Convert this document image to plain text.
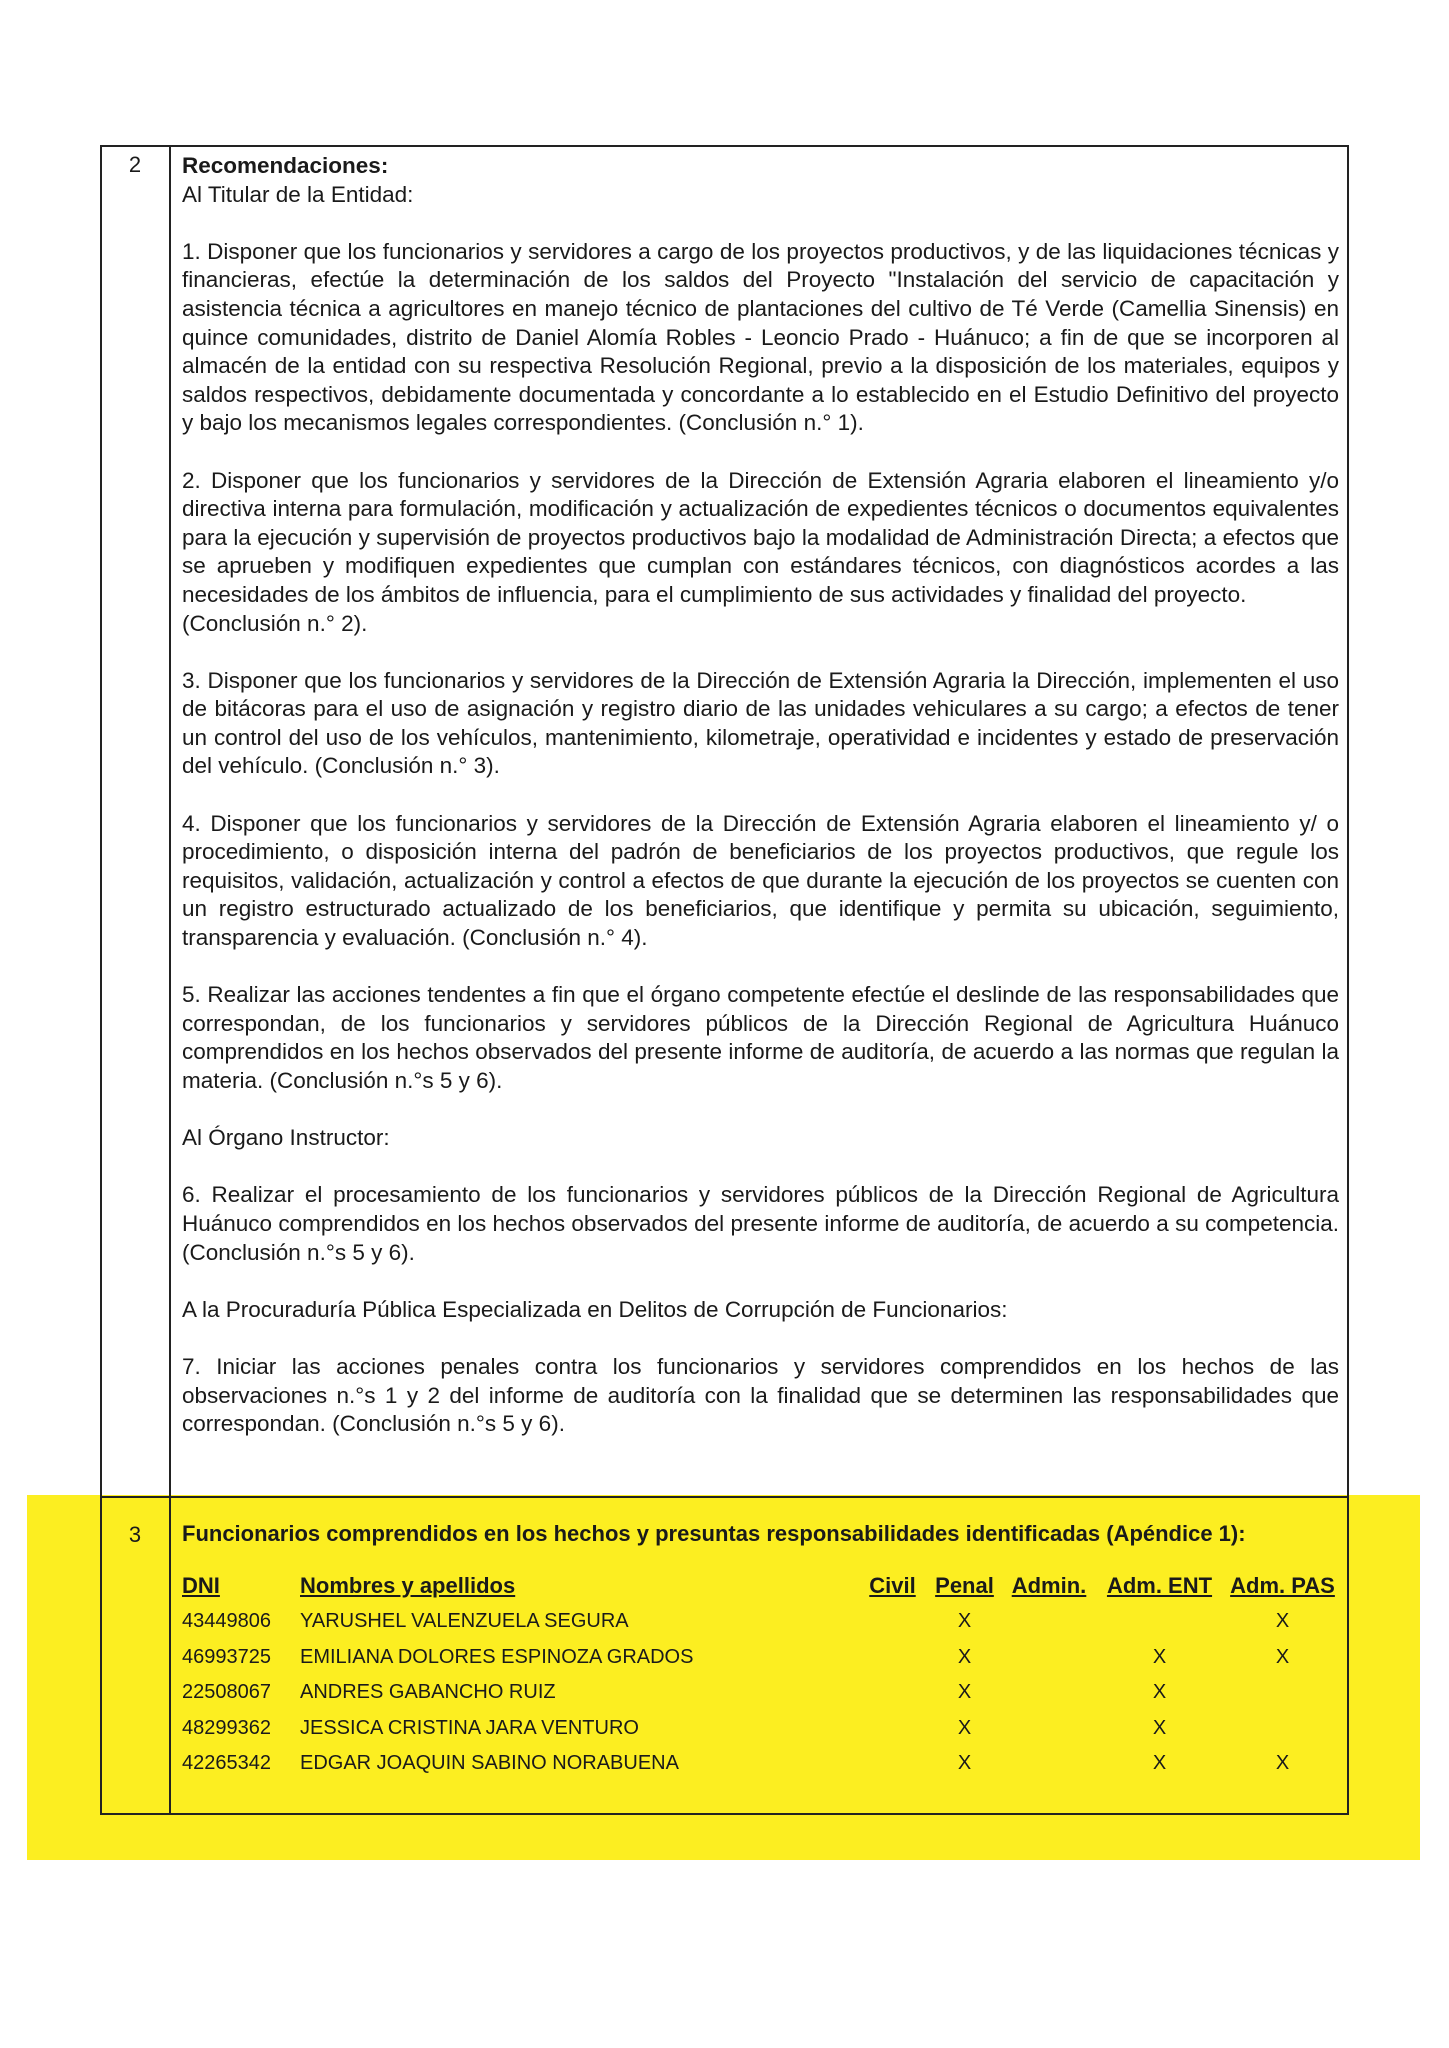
2	Recomendaciones:

Al Titular de la Entidad:

1. Disponer que los funcionarios y servidores a cargo de los proyectos productivos, y de las liquidaciones técnicas y financieras, efectúe la determinación de los saldos del Proyecto "Instalación del servicio de capacitación y asistencia técnica a agricultores en manejo técnico de plantaciones del cultivo de Té Verde (Camellia Sinensis) en quince comunidades, distrito de Daniel Alomía Robles - Leoncio Prado - Huánuco; a fin de que se incorporen al almacén de la entidad con su respectiva Resolución Regional, previo a la disposición de los materiales, equipos y saldos respectivos, debidamente documentada y concordante a lo establecido en el Estudio Definitivo del proyecto y bajo los mecanismos legales correspondientes. (Conclusión n.° 1).

2. Disponer que los funcionarios y servidores de la Dirección de Extensión Agraria elaboren el lineamiento y/o directiva interna para formulación, modificación y actualización de expedientes técnicos o documentos equivalentes para la ejecución y supervisión de proyectos productivos bajo la modalidad de Administración Directa; a efectos que se aprueben y modifiquen expedientes que cumplan con estándares técnicos, con diagnósticos acordes a las necesidades de los ámbitos de influencia, para el cumplimiento de sus actividades y finalidad del proyecto.

(Conclusión n.° 2).

3. Disponer que los funcionarios y servidores de la Dirección de Extensión Agraria la Dirección, implementen el uso de bitácoras para el uso de asignación y registro diario de las unidades vehiculares a su cargo; a efectos de tener un control del uso de los vehículos, mantenimiento, kilometraje, operatividad e incidentes y estado de preservación del vehículo. (Conclusión n.° 3).

4. Disponer que los funcionarios y servidores de la Dirección de Extensión Agraria elaboren el lineamiento y/ o procedimiento, o disposición interna del padrón de beneficiarios de los proyectos productivos, que regule los requisitos, validación, actualización y control a efectos de que durante la ejecución de los proyectos se cuenten con un registro estructurado actualizado de los beneficiarios, que identifique y permita su ubicación, seguimiento, transparencia y evaluación. (Conclusión n.° 4).

5. Realizar las acciones tendentes a fin que el órgano competente efectúe el deslinde de las responsabilidades que correspondan, de los funcionarios y servidores públicos de la Dirección Regional de Agricultura Huánuco comprendidos en los hechos observados del presente informe de auditoría, de acuerdo a las normas que regulan la materia. (Conclusión n.°s 5 y 6).

Al Órgano Instructor:

6. Realizar el procesamiento de los funcionarios y servidores públicos de la Dirección Regional de Agricultura Huánuco comprendidos en los hechos observados del presente informe de auditoría, de acuerdo a su competencia. (Conclusión n.°s 5 y 6).

A la Procuraduría Pública Especializada en Delitos de Corrupción de Funcionarios:

7. Iniciar las acciones penales contra los funcionarios y servidores comprendidos en los hechos de las observaciones n.°s 1 y 2 del informe de auditoría con la finalidad que se determinen las responsabilidades que correspondan. (Conclusión n.°s 5 y 6).

3	Funcionarios comprendidos en los hechos y presuntas responsabilidades identificadas (Apéndice 1):
DNI	Nombres y apellidos	Civil	Penal	Admin.	Adm. ENT	Adm. PAS
43449806	YARUSHEL VALENZUELA SEGURA		X			X
46993725	EMILIANA DOLORES ESPINOZA GRADOS		X		X	X
22508067	ANDRES GABANCHO RUIZ		X		X	
48299362	JESSICA CRISTINA JARA VENTURO		X		X	
42265342	EDGAR JOAQUIN SABINO NORABUENA		X		X	X
